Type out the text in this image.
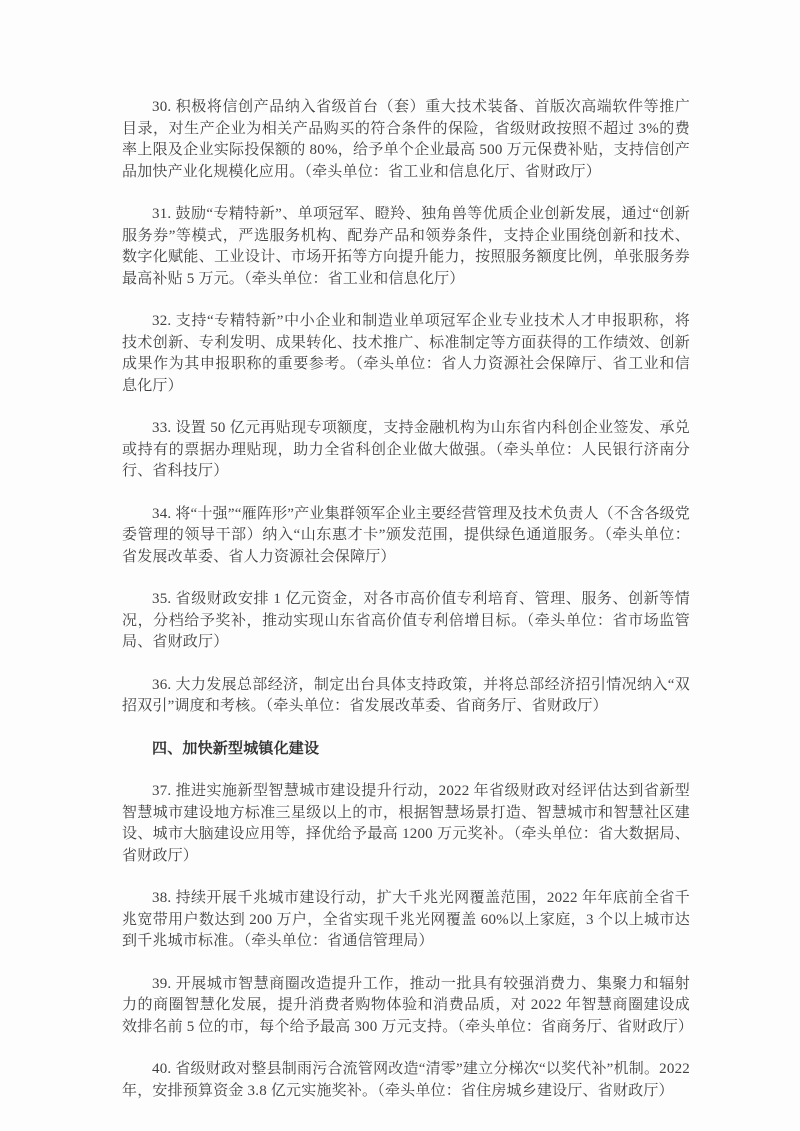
30. 积极将信创产品纳入省级首台（套）重大技术装备、首版次高端软件等推广目录，对生产企业为相关产品购买的符合条件的保险，省级财政按照不超过 3%的费率上限及企业实际投保额的 80%，给予单个企业最高 500 万元保费补贴，支持信创产品加快产业化规模化应用。（牵头单位：省工业和信息化厅、省财政厅）

31. 鼓励“专精特新”、单项冠军、瞪羚、独角兽等优质企业创新发展，通过“创新服务券”等模式，严选服务机构、配券产品和领券条件，支持企业围绕创新和技术、数字化赋能、工业设计、市场开拓等方向提升能力，按照服务额度比例，单张服务券最高补贴 5 万元。（牵头单位：省工业和信息化厅）

32. 支持“专精特新”中小企业和制造业单项冠军企业专业技术人才申报职称，将技术创新、专利发明、成果转化、技术推广、标准制定等方面获得的工作绩效、创新成果作为其申报职称的重要参考。（牵头单位：省人力资源社会保障厅、省工业和信息化厅）

33. 设置 50 亿元再贴现专项额度，支持金融机构为山东省内科创企业签发、承兑或持有的票据办理贴现，助力全省科创企业做大做强。（牵头单位：人民银行济南分行、省科技厅）

34. 将“十强”“雁阵形”产业集群领军企业主要经营管理及技术负责人（不含各级党委管理的领导干部）纳入“山东惠才卡”颁发范围，提供绿色通道服务。（牵头单位：省发展改革委、省人力资源社会保障厅）

35. 省级财政安排 1 亿元资金，对各市高价值专利培育、管理、服务、创新等情况，分档给予奖补，推动实现山东省高价值专利倍增目标。（牵头单位：省市场监管局、省财政厅）

36. 大力发展总部经济，制定出台具体支持政策，并将总部经济招引情况纳入“双招双引”调度和考核。（牵头单位：省发展改革委、省商务厅、省财政厅）

四、加快新型城镇化建设

37. 推进实施新型智慧城市建设提升行动，2022 年省级财政对经评估达到省新型智慧城市建设地方标准三星级以上的市，根据智慧场景打造、智慧城市和智慧社区建设、城市大脑建设应用等，择优给予最高 1200 万元奖补。（牵头单位：省大数据局、省财政厅）

38. 持续开展千兆城市建设行动，扩大千兆光网覆盖范围，2022 年年底前全省千兆宽带用户数达到 200 万户，全省实现千兆光网覆盖 60%以上家庭，3 个以上城市达到千兆城市标准。（牵头单位：省通信管理局）

39. 开展城市智慧商圈改造提升工作，推动一批具有较强消费力、集聚力和辐射力的商圈智慧化发展，提升消费者购物体验和消费品质，对 2022 年智慧商圈建设成效排名前 5 位的市，每个给予最高 300 万元支持。（牵头单位：省商务厅、省财政厅）

40. 省级财政对整县制雨污合流管网改造“清零”建立分梯次“以奖代补”机制。2022年，安排预算资金 3.8 亿元实施奖补。（牵头单位：省住房城乡建设厅、省财政厅）
